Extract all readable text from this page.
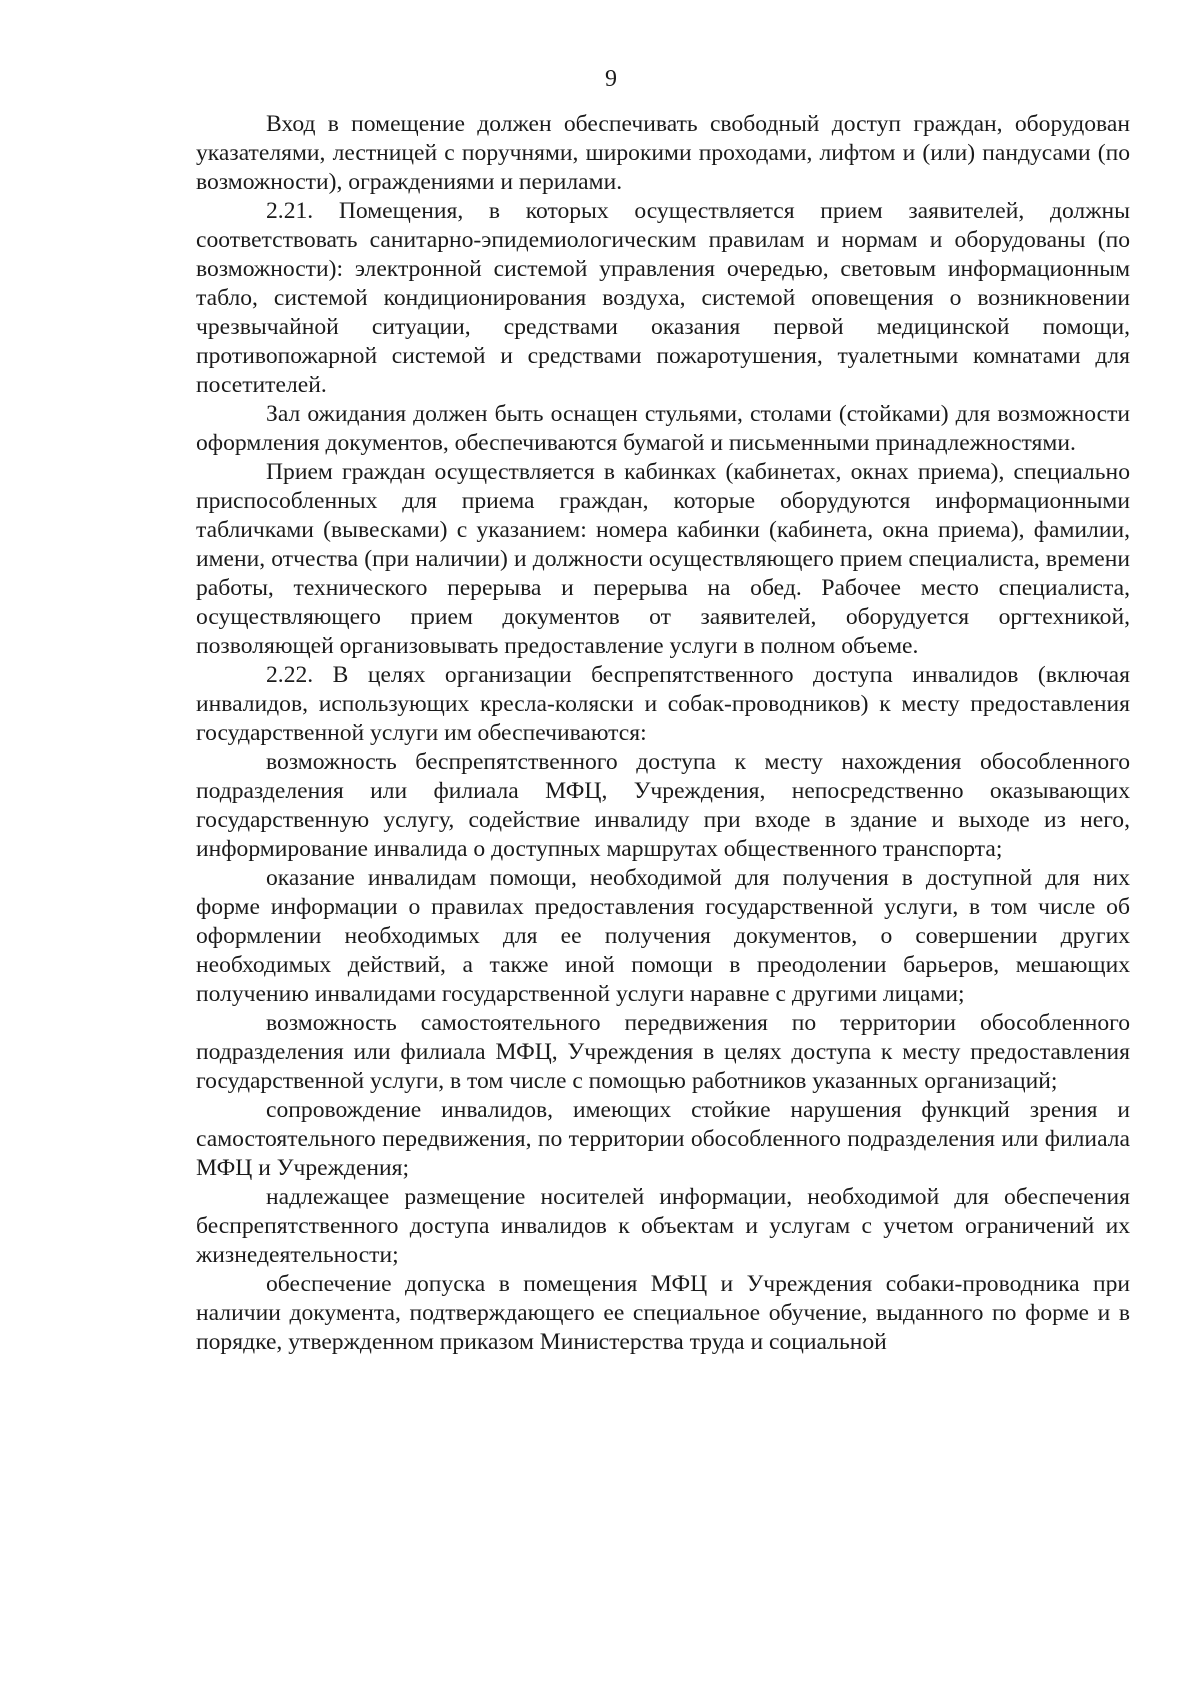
9

Вход в помещение должен обеспечивать свободный доступ граждан, оборудован указателями, лестницей с поручнями, широкими проходами, лифтом и (или) пандусами (по возможности), ограждениями и перилами.

2.21. Помещения, в которых осуществляется прием заявителей, должны соответствовать санитарно-эпидемиологическим правилам и нормам и оборудованы (по возможности): электронной системой управления очередью, световым информационным табло, системой кондиционирования воздуха, системой оповещения о возникновении чрезвычайной ситуации, средствами оказания первой медицинской помощи, противопожарной системой и средствами пожаротушения, туалетными комнатами для посетителей.

Зал ожидания должен быть оснащен стульями, столами (стойками) для возможности оформления документов, обеспечиваются бумагой и письменными принадлежностями.

Прием граждан осуществляется в кабинках (кабинетах, окнах приема), специально приспособленных для приема граждан, которые оборудуются информационными табличками (вывесками) с указанием: номера кабинки (кабинета, окна приема), фамилии, имени, отчества (при наличии) и должности осуществляющего прием специалиста, времени работы, технического перерыва и перерыва на обед. Рабочее место специалиста, осуществляющего прием документов от заявителей, оборудуется оргтехникой, позволяющей организовывать предоставление услуги в полном объеме.

2.22. В целях организации беспрепятственного доступа инвалидов (включая инвалидов, использующих кресла-коляски и собак-проводников) к месту предоставления государственной услуги им обеспечиваются:

возможность беспрепятственного доступа к месту нахождения обособленного подразделения или филиала МФЦ, Учреждения, непосредственно оказывающих государственную услугу, содействие инвалиду при входе в здание и выходе из него, информирование инвалида о доступных маршрутах общественного транспорта;

оказание инвалидам помощи, необходимой для получения в доступной для них форме информации о правилах предоставления государственной услуги, в том числе об оформлении необходимых для ее получения документов, о совершении других необходимых действий, а также иной помощи в преодолении барьеров, мешающих получению инвалидами государственной услуги наравне с другими лицами;

возможность самостоятельного передвижения по территории обособленного подразделения или филиала МФЦ, Учреждения в целях доступа к месту предоставления государственной услуги, в том числе с помощью работников указанных организаций;

сопровождение инвалидов, имеющих стойкие нарушения функций зрения и самостоятельного передвижения, по территории обособленного подразделения или филиала МФЦ и Учреждения;

надлежащее размещение носителей информации, необходимой для обеспечения беспрепятственного доступа инвалидов к объектам и услугам с учетом ограничений их жизнедеятельности;

обеспечение допуска в помещения МФЦ и Учреждения собаки-проводника при наличии документа, подтверждающего ее специальное обучение, выданного по форме и в порядке, утвержденном приказом Министерства труда и социальной
